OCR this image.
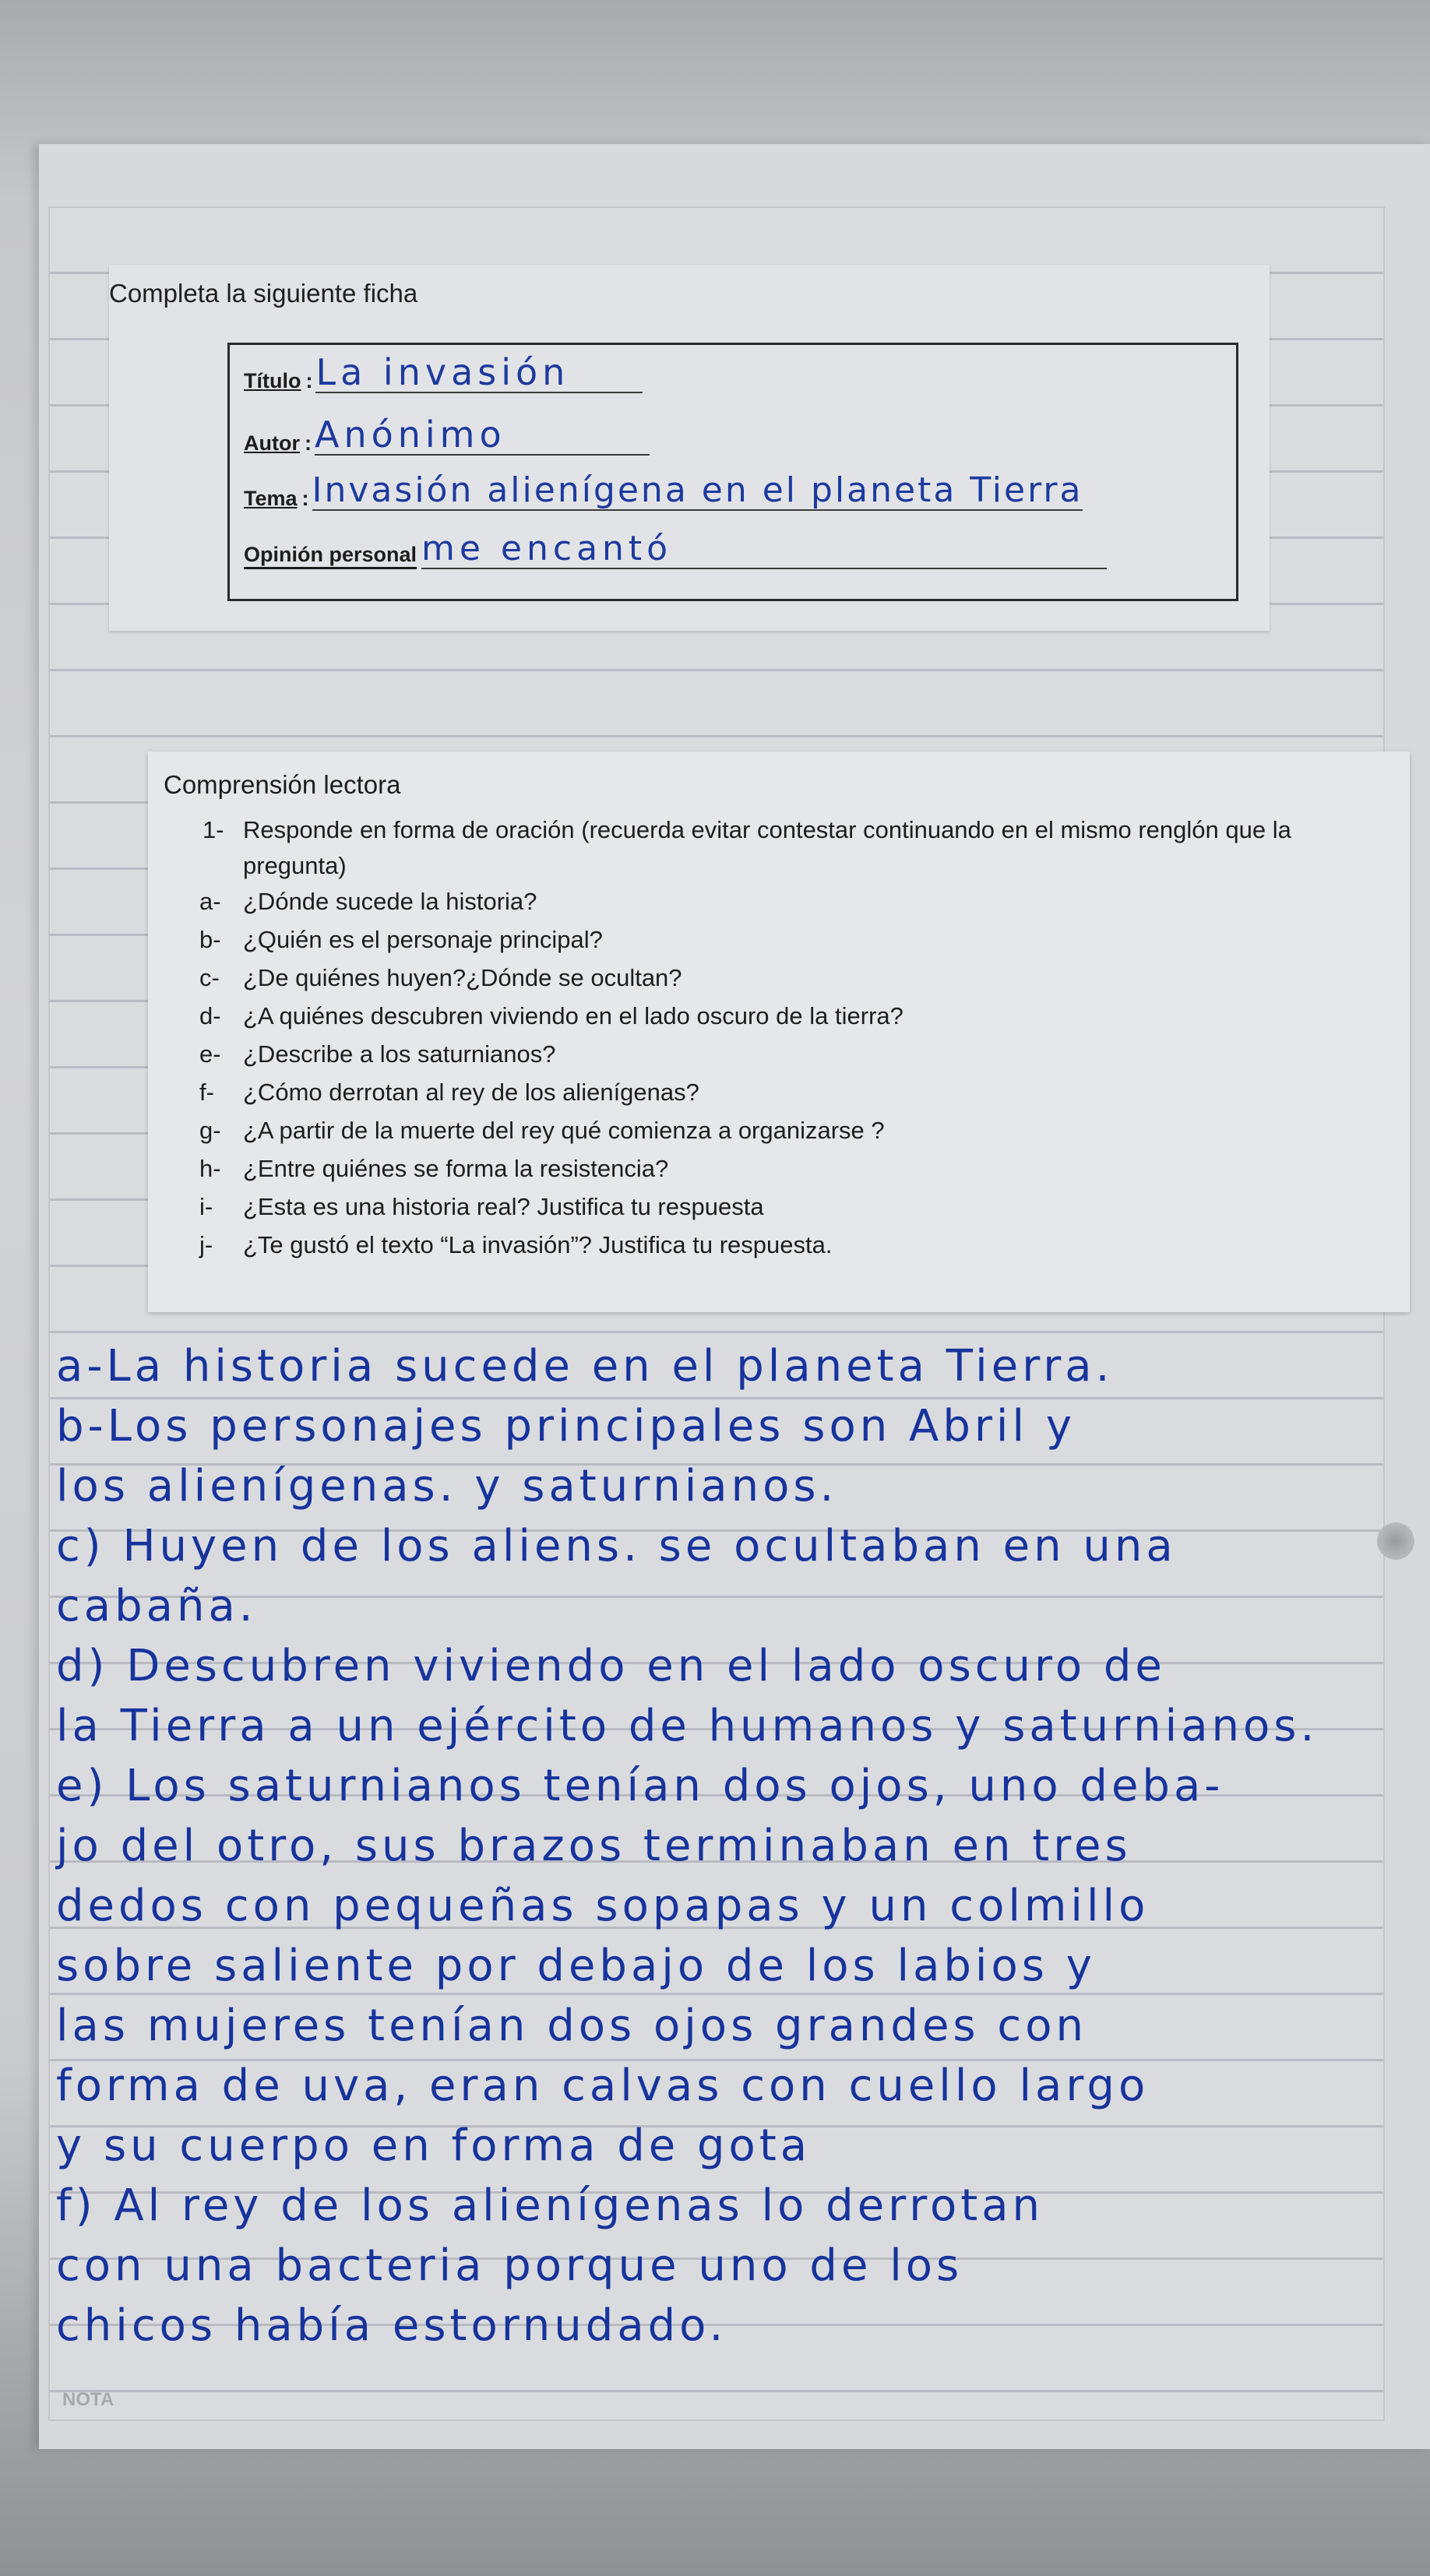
Completa la siguiente ficha
Título : La invasión
Autor : Anónimo
Tema : Invasión alienígena en el planeta Tierra
Opinión personal me encantó
Comprensión lectora
1- Responde en forma de oración (recuerda evitar contestar continuando en el mismo renglón que la pregunta)
a- ¿Dónde sucede la historia?
b- ¿Quién es el personaje principal?
c- ¿De quiénes huyen?¿Dónde se ocultan?
d- ¿A quiénes descubren viviendo en el lado oscuro de la tierra?
e- ¿Describe a los saturnianos?
f- ¿Cómo derrotan al rey de los alienígenas?
g- ¿A partir de la muerte del rey qué comienza a organizarse ?
h- ¿Entre quiénes se forma la resistencia?
i- ¿Esta es una historia real? Justifica tu respuesta
j- ¿Te gustó el texto “La invasión”? Justifica tu respuesta.
a-La historia sucede en el planeta Tierra.
b-Los personajes principales son Abril y
los alienígenas. y saturnianos.
c) Huyen de los aliens. se ocultaban en una
cabaña.
d) Descubren viviendo en el lado oscuro de
la Tierra a un ejército de humanos y saturnianos.
e) Los saturnianos tenían dos ojos, uno deba-
jo del otro, sus brazos terminaban en tres
dedos con pequeñas sopapas y un colmillo
sobre saliente por debajo de los labios y
las mujeres tenían dos ojos grandes con
forma de uva, eran calvas con cuello largo
y su cuerpo en forma de gota
f) Al rey de los alienígenas lo derrotan
con una bacteria porque uno de los
chicos había estornudado.
NOTA
